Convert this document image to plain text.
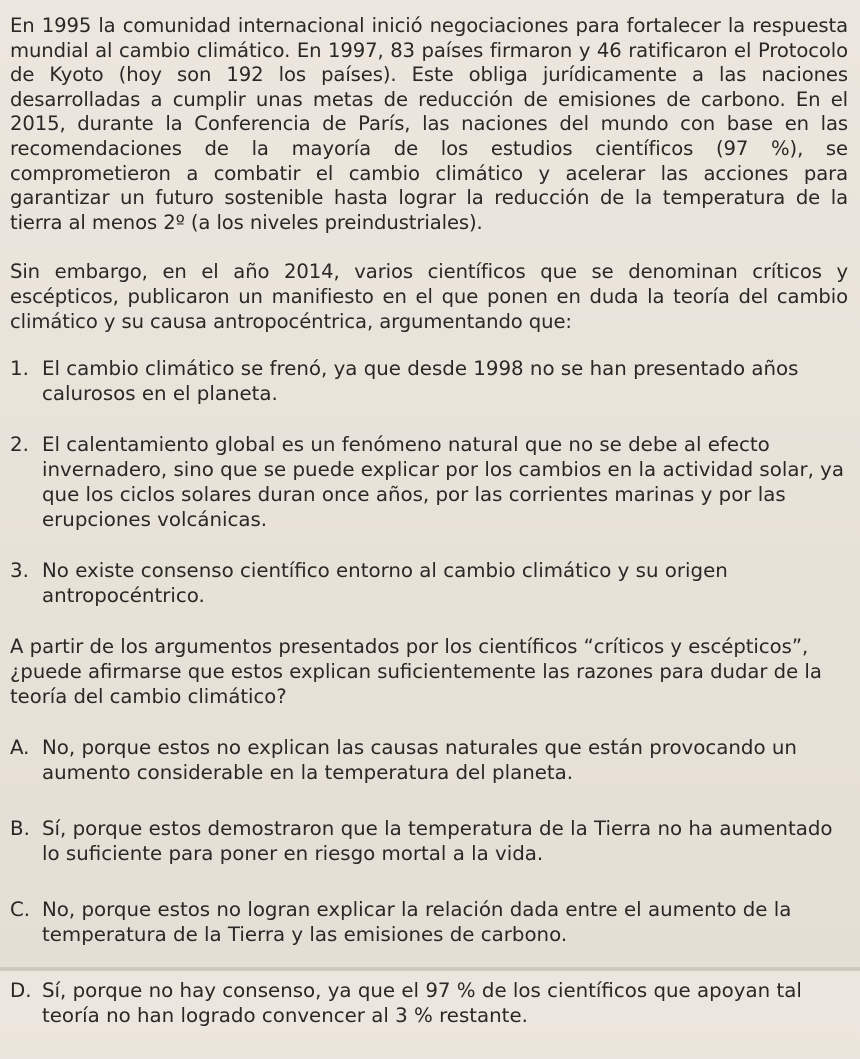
En 1995 la comunidad internacional inició negociaciones para fortalecer la respuesta mundial al cambio climático. En 1997, 83 países firmaron y 46 ratificaron el Protocolo de Kyoto (hoy son 192 los países). Este obliga jurídicamente a las naciones desarrolladas a cumplir unas metas de reducción de emisiones de carbono. En el 2015, durante la Conferencia de París, las naciones del mundo con base en las recomendaciones de la mayoría de los estudios científicos (97 %), se comprometieron a combatir el cambio climático y acelerar las acciones para garantizar un futuro sostenible hasta lograr la reducción de la temperatura de la tierra al menos 2º (a los niveles preindustriales).

Sin embargo, en el año 2014, varios científicos que se denominan críticos y escépticos, publicaron un manifiesto en el que ponen en duda la teoría del cambio climático y su causa antropocéntrica, argumentando que:

1. El cambio climático se frenó, ya que desde 1998 no se han presentado años calurosos en el planeta.
2. El calentamiento global es un fenómeno natural que no se debe al efecto invernadero, sino que se puede explicar por los cambios en la actividad solar, ya que los ciclos solares duran once años, por las corrientes marinas y por las erupciones volcánicas.
3. No existe consenso científico entorno al cambio climático y su origen antropocéntrico.

A partir de los argumentos presentados por los científicos “críticos y escépticos”, ¿puede afirmarse que estos explican suficientemente las razones para dudar de la teoría del cambio climático?

A. No, porque estos no explican las causas naturales que están provocando un aumento considerable en la temperatura del planeta.
B. Sí, porque estos demostraron que la temperatura de la Tierra no ha aumentado lo suficiente para poner en riesgo mortal a la vida.
C. No, porque estos no logran explicar la relación dada entre el aumento de la temperatura de la Tierra y las emisiones de carbono.
D. Sí, porque no hay consenso, ya que el 97 % de los científicos que apoyan tal teoría no han logrado convencer al 3 % restante.
